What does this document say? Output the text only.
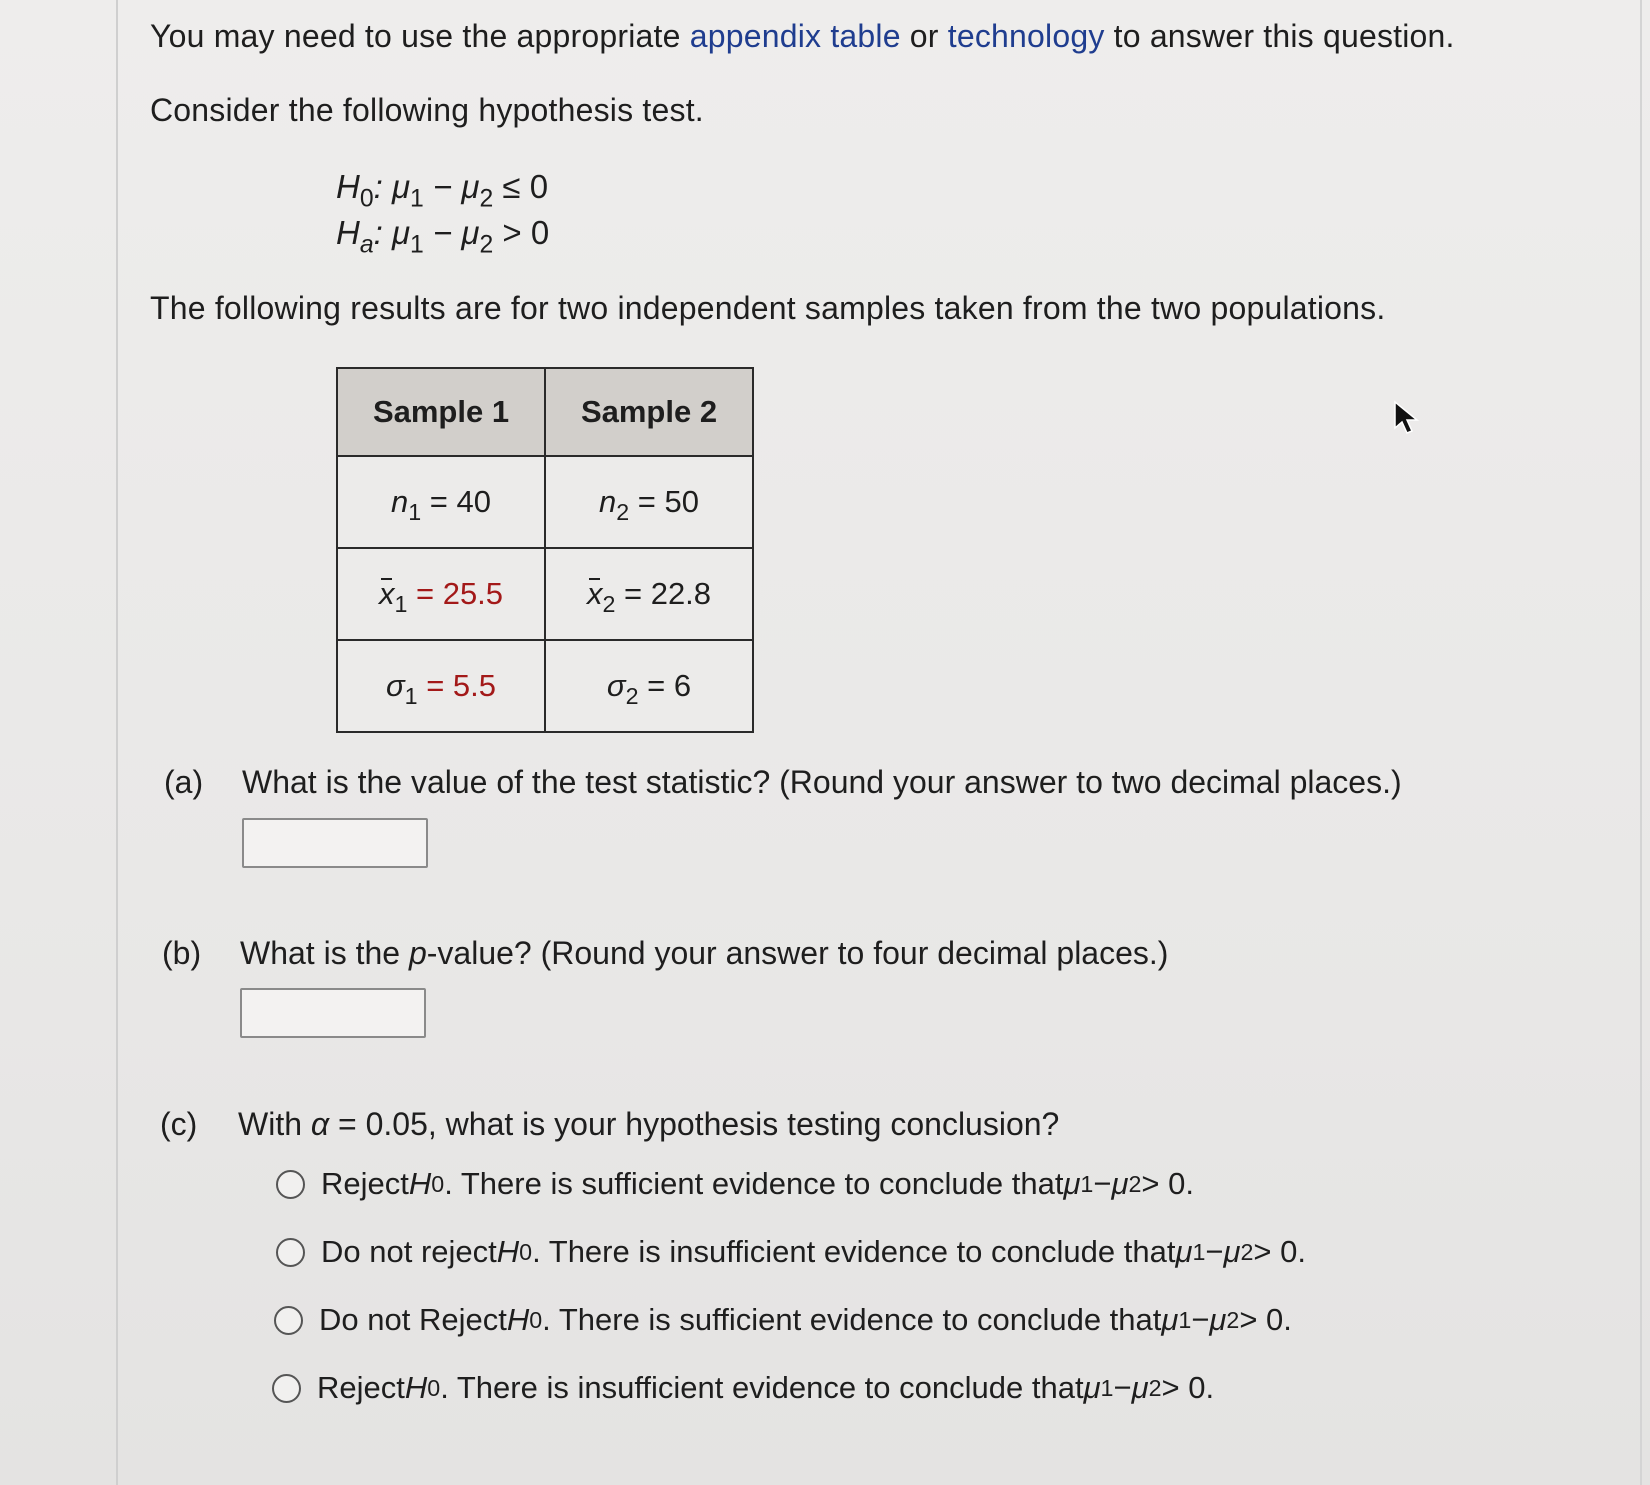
You may need to use the appropriate appendix table or technology to answer this question.
Consider the following hypothesis test.
$H_0$: $\mu_1 - \mu_2 \le 0$
$H_a$: $\mu_1 - \mu_2 > 0$
The following results are for two independent samples taken from the two populations.
Sample 1	Sample 2
$n_1 = 40$	$n_2 = 50$
$x_1 = 25.5$	$x_2 = 22.8$
$\sigma_1 = 5.5$	$\sigma_2 = 6$
(a) What is the value of the test statistic? (Round your answer to two decimal places.)
(b) What is the p-value? (Round your answer to four decimal places.)
(c) With α = 0.05, what is your hypothesis testing conclusion?
Reject H 0 . There is sufficient evidence to conclude that μ 1 − μ 2 > 0.
Do not reject H 0 . There is insufficient evidence to conclude that μ 1 − μ 2 > 0.
Do not Reject H 0 . There is sufficient evidence to conclude that μ 1 − μ 2 > 0.
Reject H 0 . There is insufficient evidence to conclude that μ 1 − μ 2 > 0.
